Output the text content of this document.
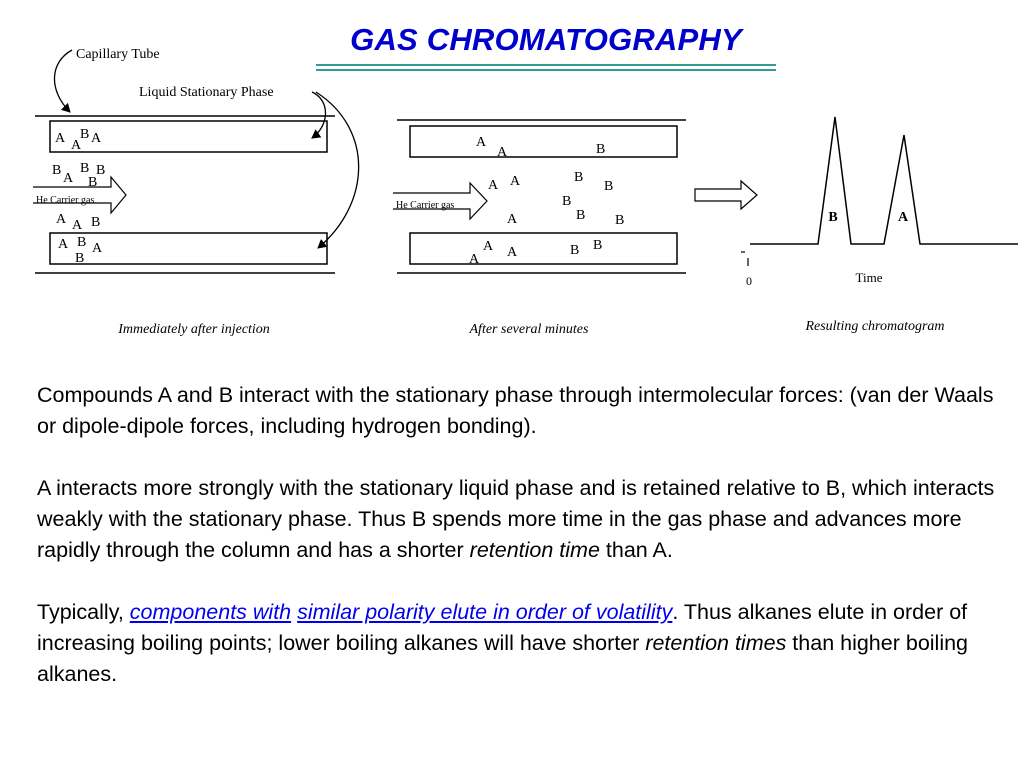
GAS CHROMATOGRAPHY
Capillary Tube
Liquid Stationary Phase
He Carrier gas
A A
B A
B
A
B
B
B
A A B
A B A
B
Immediately after injection
He Carrier gas
A
A	B
A A	B
B
B
A	B B
A A
A
B B
After several minutes
B	A
Time
0
Resulting chromatogram

Compounds A and B interact with the stationary phase through intermolecular forces: (van der Waals or dipole-dipole forces, including hydrogen bonding).

A interacts more strongly with the stationary liquid phase and is retained relative to B, which interacts weakly with the stationary phase. Thus B spends more time in the gas phase and advances more rapidly through the column and has a shorter retention time than A.

Typically, components with similar polarity elute in order of volatility. Thus alkanes elute in order of increasing boiling points; lower boiling alkanes will have shorter retention times than higher boiling alkanes.
